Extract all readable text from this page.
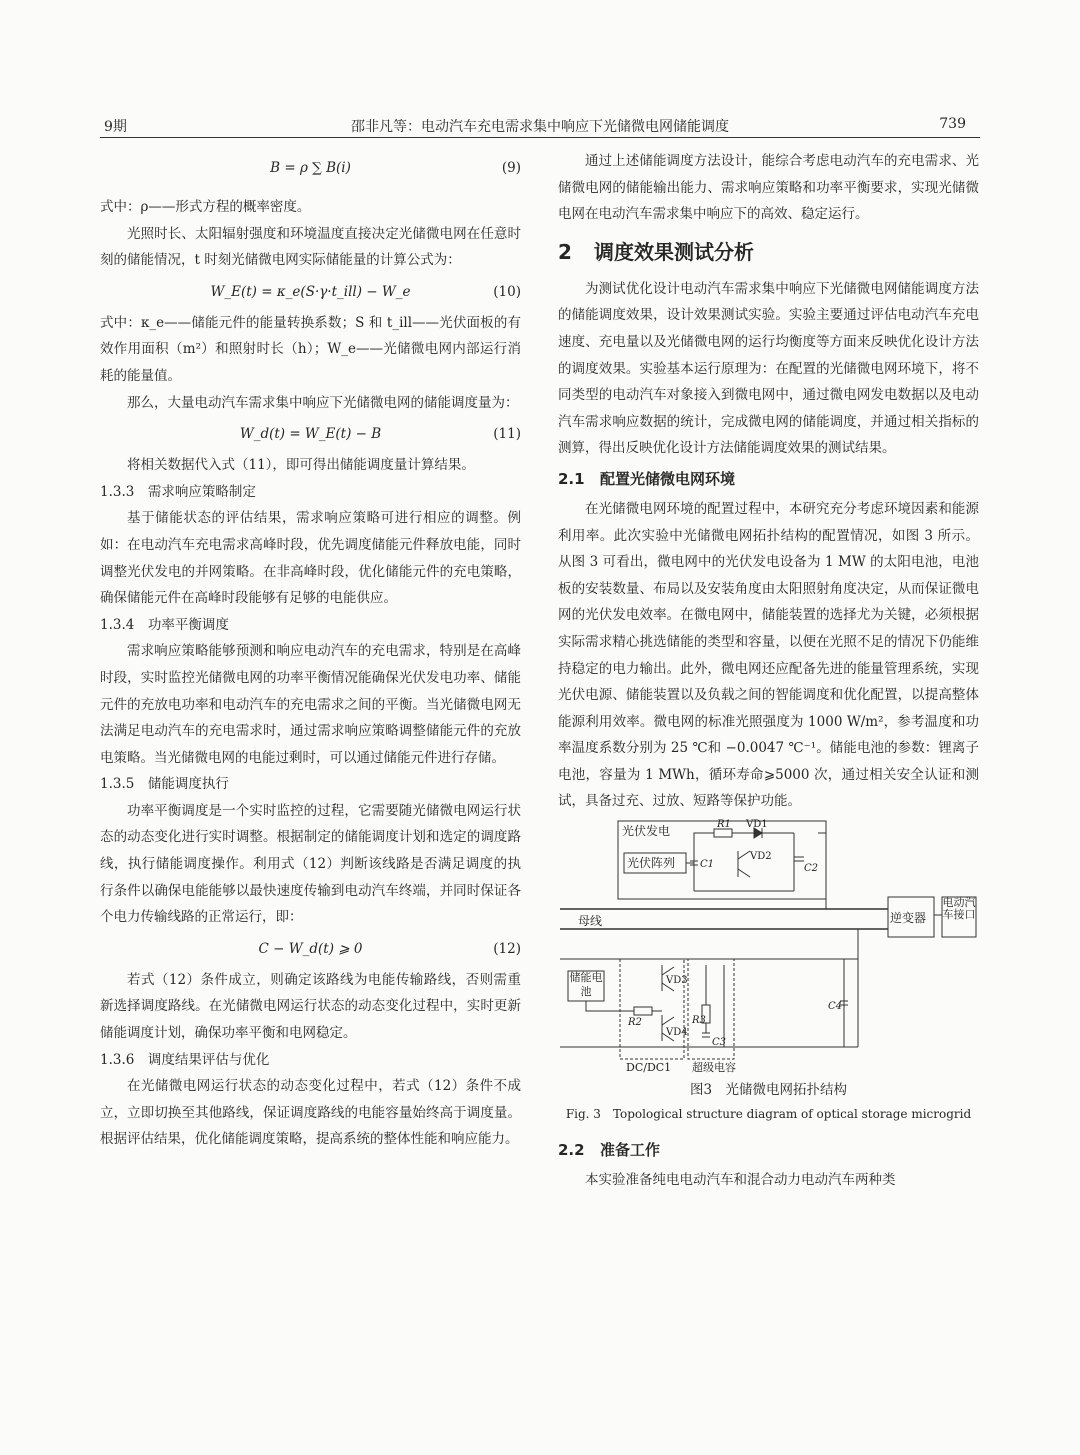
9期	邵非凡等：电动汽车充电需求集中响应下光储微电网储能调度	739
B = ρ ∑ B(i)	(9)

式中：ρ——形式方程的概率密度。

光照时长、太阳辐射强度和环境温度直接决定光储微电网在任意时刻的储能情况，t 时刻光储微电网实际储能量的计算公式为：

W_E(t) = κ_e(S·γ·t_ill) − W_e	(10)

式中：κ_e——储能元件的能量转换系数；S 和 t_ill——光伏面板的有效作用面积（m²）和照射时长（h）；W_e——光储微电网内部运行消耗的能量值。

那么，大量电动汽车需求集中响应下光储微电网的储能调度量为：

W_d(t) = W_E(t) − B	(11)

将相关数据代入式（11），即可得出储能调度量计算结果。

1.3.3　需求响应策略制定

基于储能状态的评估结果，需求响应策略可进行相应的调整。例如：在电动汽车充电需求高峰时段，优先调度储能元件释放电能，同时调整光伏发电的并网策略。在非高峰时段，优化储能元件的充电策略，确保储能元件在高峰时段能够有足够的电能供应。

1.3.4　功率平衡调度

需求响应策略能够预测和响应电动汽车的充电需求，特别是在高峰时段，实时监控光储微电网的功率平衡情况能确保光伏发电功率、储能元件的充放电功率和电动汽车的充电需求之间的平衡。当光储微电网无法满足电动汽车的充电需求时，通过需求响应策略调整储能元件的充放电策略。当光储微电网的电能过剩时，可以通过储能元件进行存储。

1.3.5　储能调度执行

功率平衡调度是一个实时监控的过程，它需要随光储微电网运行状态的动态变化进行实时调整。根据制定的储能调度计划和选定的调度路线，执行储能调度操作。利用式（12）判断该线路是否满足调度的执行条件以确保电能能够以最快速度传输到电动汽车终端，并同时保证各个电力传输线路的正常运行，即：

C − W_d(t) ⩾ 0	(12)

若式（12）条件成立，则确定该路线为电能传输路线，否则需重新选择调度路线。在光储微电网运行状态的动态变化过程中，实时更新储能调度计划，确保功率平衡和电网稳定。

1.3.6　调度结果评估与优化

在光储微电网运行状态的动态变化过程中，若式（12）条件不成立，立即切换至其他路线，保证调度路线的电能容量始终高于调度量。根据评估结果，优化储能调度策略，提高系统的整体性能和响应能力。

通过上述储能调度方法设计，能综合考虑电动汽车的充电需求、光储微电网的储能输出能力、需求响应策略和功率平衡要求，实现光储微电网在电动汽车需求集中响应下的高效、稳定运行。

2 调度效果测试分析

为测试优化设计电动汽车需求集中响应下光储微电网储能调度方法的储能调度效果，设计效果测试实验。实验主要通过评估电动汽车充电速度、充电量以及光储微电网的运行均衡度等方面来反映优化设计方法的调度效果。实验基本运行原理为：在配置的光储微电网环境下，将不同类型的电动汽车对象接入到微电网中，通过微电网发电数据以及电动汽车需求响应数据的统计，完成微电网的储能调度，并通过相关指标的测算，得出反映优化设计方法储能调度效果的测试结果。

2.1 配置光储微电网环境

在光储微电网环境的配置过程中，本研究充分考虑环境因素和能源利用率。此次实验中光储微电网拓扑结构的配置情况，如图 3 所示。从图 3 可看出，微电网中的光伏发电设备为 1 MW 的太阳电池，电池板的安装数量、布局以及安装角度由太阳照射角度决定，从而保证微电网的光伏发电效率。在微电网中，储能装置的选择尤为关键，必须根据实际需求精心挑选储能的类型和容量，以便在光照不足的情况下仍能维持稳定的电力输出。此外，微电网还应配备先进的能量管理系统，实现光伏电源、储能装置以及负载之间的智能调度和优化配置，以提高整体能源利用效率。微电网的标准光照强度为 1000 W/m²，参考温度和功率温度系数分别为 25 ℃和 −0.0047 ℃⁻¹。储能电池的参数：锂离子电池，容量为 1 MWh，循环寿命⩾5000 次，通过相关安全认证和测试，具备过充、过放、短路等保护功能。

光伏发电
光伏阵列
R1 VD1
C1
VD2
C2
母线	逆变器
电动汽车接口
储能电池
R2
DC/DC1
VD3
VD4
超级电容
R3
C3
C4
图3　光储微电网拓扑结构
Fig. 3　Topological structure diagram of optical storage microgrid
2.2 准备工作

本实验准备纯电电动汽车和混合动力电动汽车两种类
